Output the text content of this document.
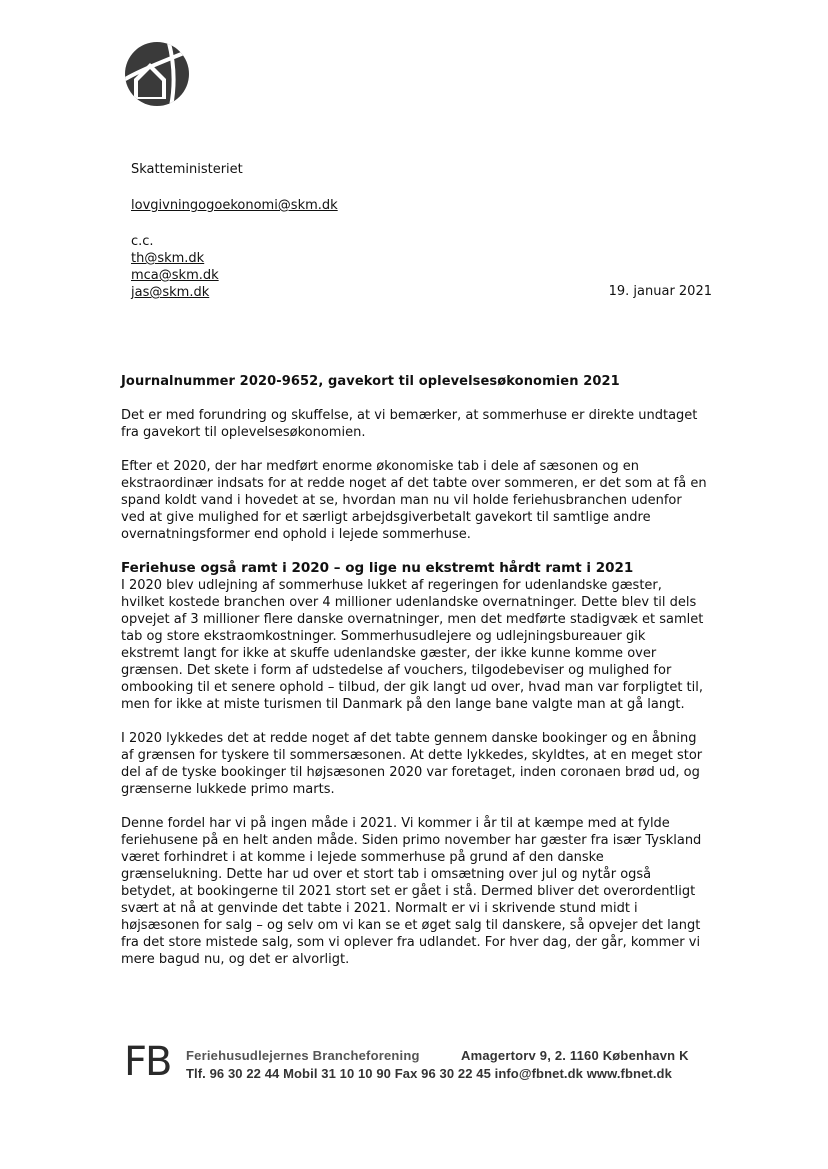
Skatteministeriet
lovgivningogoekonomi@skm.dk
c.c.
th@skm.dk
mca@skm.dk
jas@skm.dk	19. januar 2021
Journalnummer 2020-9652, gavekort til oplevelsesøkonomien 2021

Det er med forundring og skuffelse, at vi bemærker, at sommerhuse er direkte undtaget fra gavekort til oplevelsesøkonomien.

Efter et 2020, der har medført enorme økonomiske tab i dele af sæsonen og en ekstraordinær indsats for at redde noget af det tabte over sommeren, er det som at få en spand koldt vand i hovedet at se, hvordan man nu vil holde feriehusbranchen udenfor ved at give mulighed for et særligt arbejdsgiverbetalt gavekort til samtlige andre overnatningsformer end ophold i lejede sommerhuse.

Feriehuse også ramt i 2020 – og lige nu ekstremt hårdt ramt i 2021

I 2020 blev udlejning af sommerhuse lukket af regeringen for udenlandske gæster, hvilket kostede branchen over 4 millioner udenlandske overnatninger. Dette blev til dels opvejet af 3 millioner flere danske overnatninger, men det medførte stadigvæk et samlet tab og store ekstraomkostninger. Sommerhusudlejere og udlejningsbureauer gik ekstremt langt for ikke at skuffe udenlandske gæster, der ikke kunne komme over grænsen. Det skete i form af udstedelse af vouchers, tilgodebeviser og mulighed for ombooking til et senere ophold – tilbud, der gik langt ud over, hvad man var forpligtet til, men for ikke at miste turismen til Danmark på den lange bane valgte man at gå langt.

I 2020 lykkedes det at redde noget af det tabte gennem danske bookinger og en åbning af grænsen for tyskere til sommersæsonen. At dette lykkedes, skyldtes, at en meget stor del af de tyske bookinger til højsæsonen 2020 var foretaget, inden coronaen brød ud, og grænserne lukkede primo marts.

Denne fordel har vi på ingen måde i 2021. Vi kommer i år til at kæmpe med at fylde feriehusene på en helt anden måde. Siden primo november har gæster fra især Tyskland været forhindret i at komme i lejede sommerhuse på grund af den danske grænselukning. Dette har ud over et stort tab i omsætning over jul og nytår også betydet, at bookingerne til 2021 stort set er gået i stå. Dermed bliver det overordentligt svært at nå at genvinde det tabte i 2021. Normalt er vi i skrivende stund midt i højsæsonen for salg – og selv om vi kan se et øget salg til danskere, så opvejer det langt fra det store mistede salg, som vi oplever fra udlandet. For hver dag, der går, kommer vi mere bagud nu, og det er alvorligt.

FB Feriehusudlejernes Brancheforening	Amagertorv 9, 2. 1160 København K
Tlf. 96 30 22 44 Mobil 31 10 10 90 Fax 96 30 22 45 info@fbnet.dk www.fbnet.dk
